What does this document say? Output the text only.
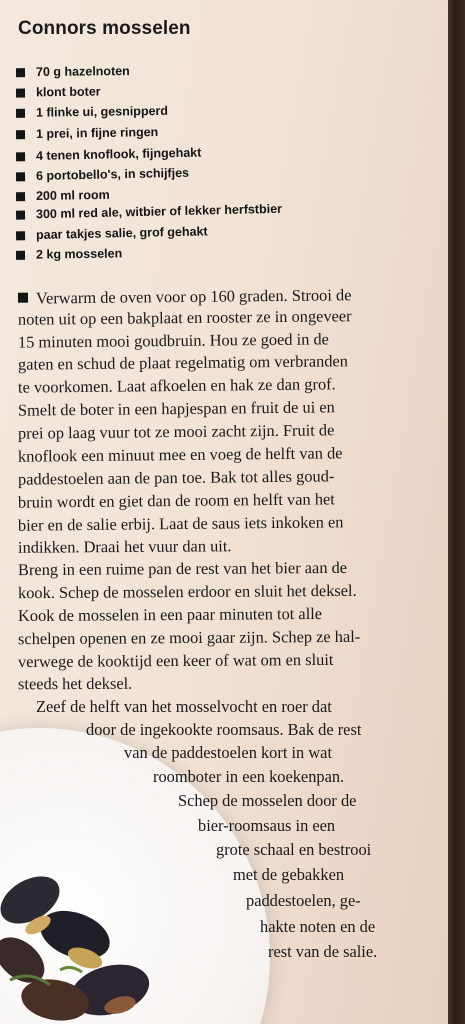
Connors mosselen
70 g hazelnoten
klont boter
1 flinke ui, gesnipperd
1 prei, in fijne ringen
4 tenen knoflook, fijngehakt
6 portobello's, in schijfjes
200 ml room
300 ml red ale, witbier of lekker herfstbier
paar takjes salie, grof gehakt
2 kg mosselen
Verwarm de oven voor op 160 graden. Strooi de
noten uit op een bakplaat en rooster ze in ongeveer
15 minuten mooi goudbruin. Hou ze goed in de
gaten en schud de plaat regelmatig om verbranden
te voorkomen. Laat afkoelen en hak ze dan grof.
Smelt de boter in een hapjespan en fruit de ui en
prei op laag vuur tot ze mooi zacht zijn. Fruit de
knoflook een minuut mee en voeg de helft van de
paddestoelen aan de pan toe. Bak tot alles goud-
bruin wordt en giet dan de room en helft van het
bier en de salie erbij. Laat de saus iets inkoken en
indikken. Draai het vuur dan uit.
Breng in een ruime pan de rest van het bier aan de
kook. Schep de mosselen erdoor en sluit het deksel.
Kook de mosselen in een paar minuten tot alle
schelpen openen en ze mooi gaar zijn. Schep ze hal-
verwege de kooktijd een keer of wat om en sluit
steeds het deksel.
Zeef de helft van het mosselvocht en roer dat
door de ingekookte roomsaus. Bak de rest
van de paddestoelen kort in wat
roomboter in een koekenpan.
Schep de mosselen door de
bier-roomsaus in een
grote schaal en bestrooi
met de gebakken
paddestoelen, ge-
hakte noten en de
rest van de salie.
